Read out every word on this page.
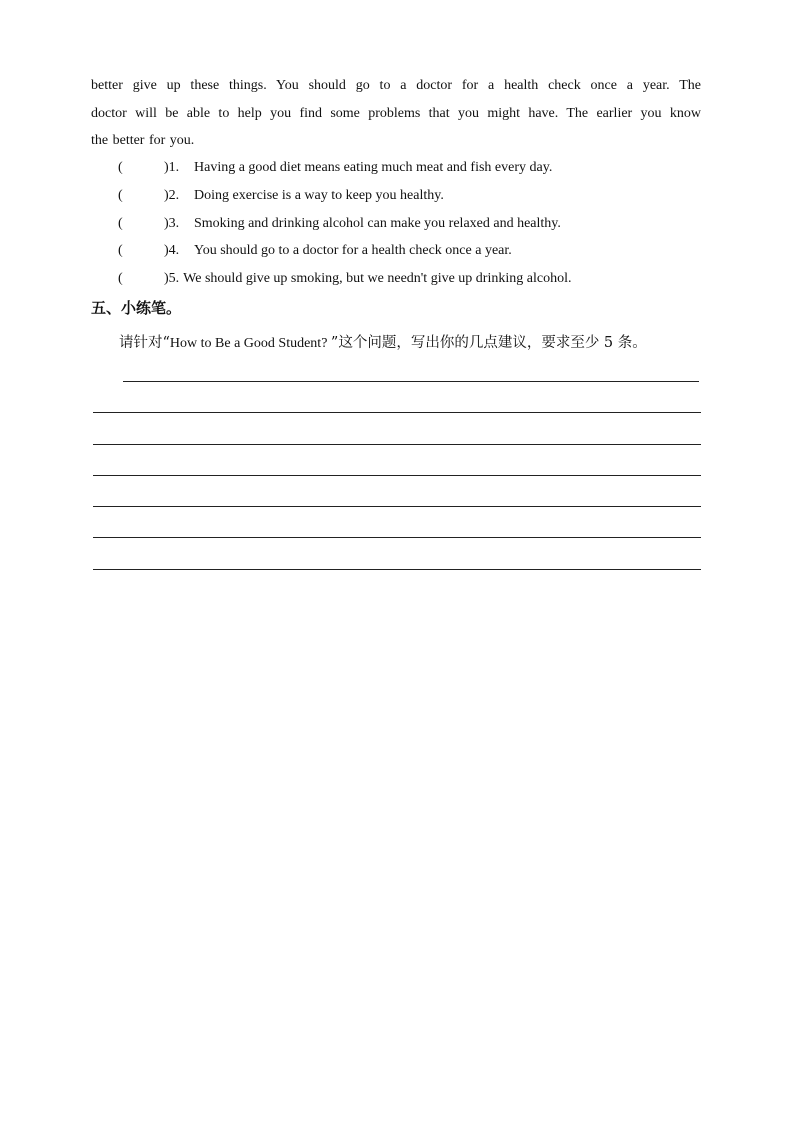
better give up these things. You should go to a doctor for a health check once a year. The
doctor will be able to help you find some problems that you might have. The earlier you know
the better for you.
(	)1. Having a good diet means eating much meat and fish every day.
(	)2. Doing exercise is a way to keep you healthy.
(	)3. Smoking and drinking alcohol can make you relaxed and healthy.
(	)4. You should go to a doctor for a health check once a year.
(	)5. We should give up smoking, but we needn't give up drinking alcohol.
五、小练笔。
请针对“How to Be a Good Student? ”这个问题，写出你的几点建议，要求至少 5 条。
